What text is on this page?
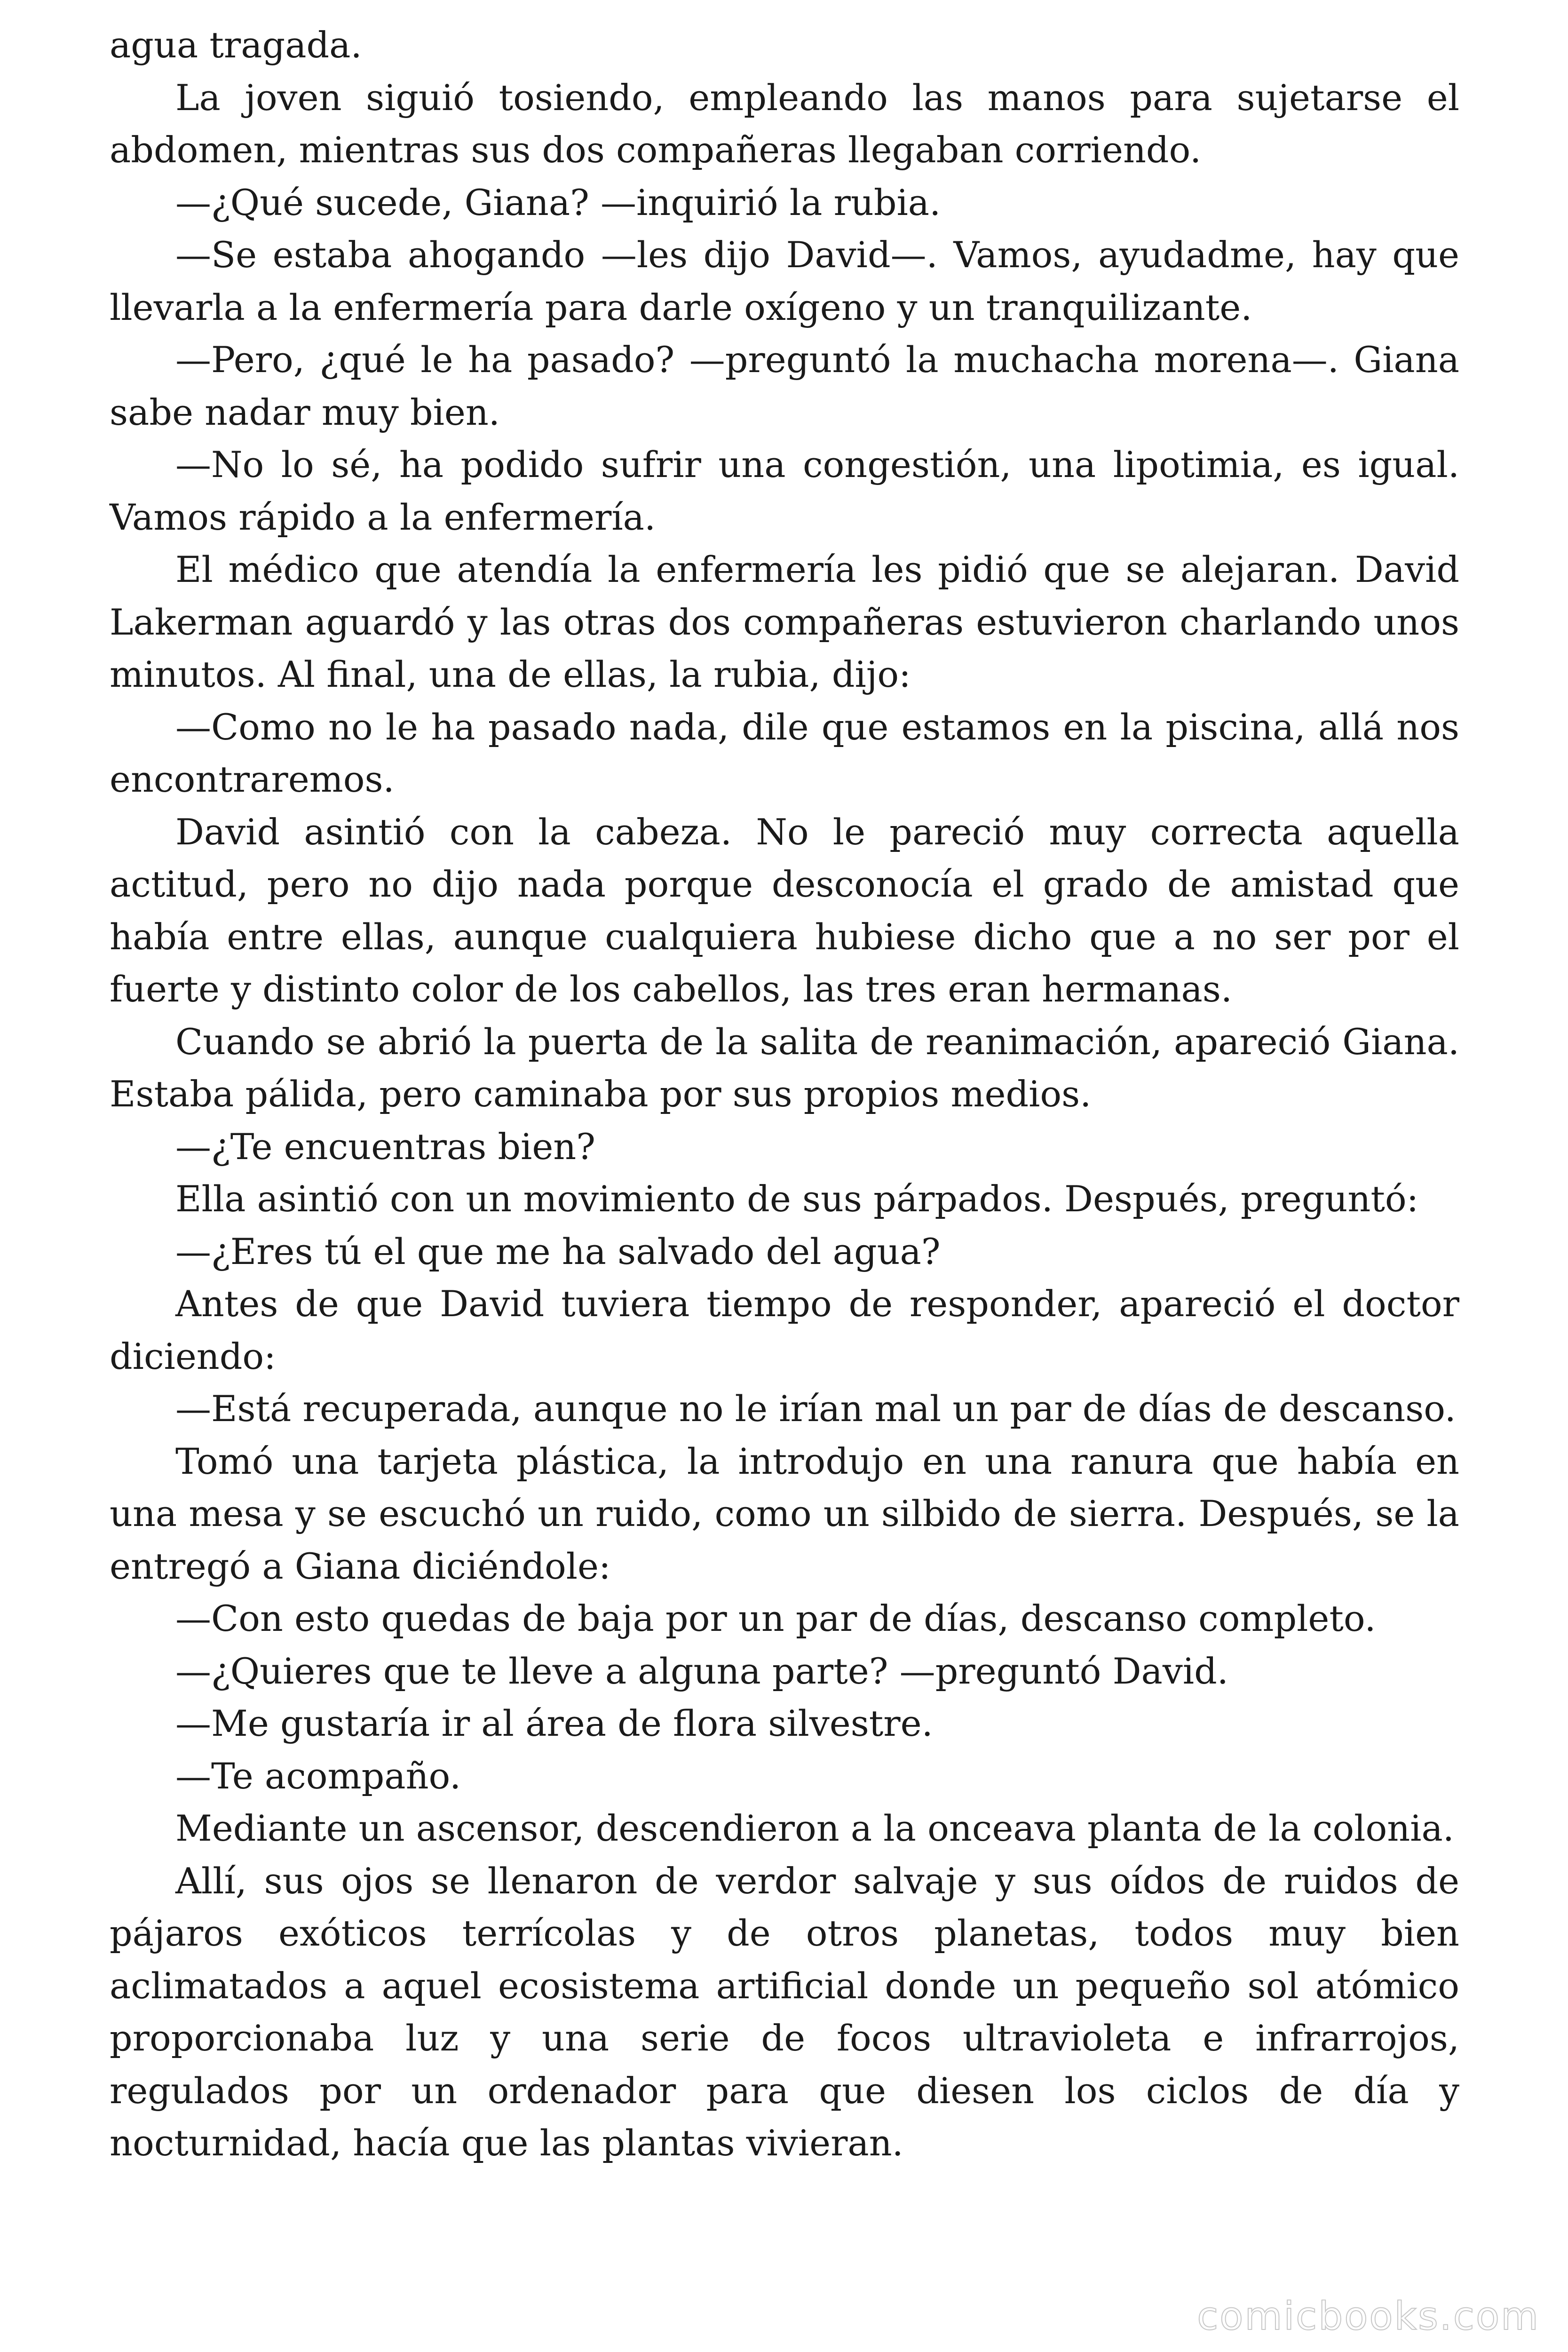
agua tragada.

La joven siguió tosiendo, empleando las manos para sujetarse el abdomen, mientras sus dos compañeras llegaban corriendo.

—¿Qué sucede, Giana? —inquirió la rubia.

—Se estaba ahogando —les dijo David—. Vamos, ayudadme, hay que llevarla a la enfermería para darle oxígeno y un tranquilizante.

—Pero, ¿qué le ha pasado? —preguntó la muchacha morena—. Giana sabe nadar muy bien.

—No lo sé, ha podido sufrir una congestión, una lipotimia, es igual. Vamos rápido a la enfermería.

El médico que atendía la enfermería les pidió que se alejaran. David Lakerman aguardó y las otras dos compañeras estuvieron charlando unos minutos. Al final, una de ellas, la rubia, dijo:

—Como no le ha pasado nada, dile que estamos en la piscina, allá nos encontraremos.

David asintió con la cabeza. No le pareció muy correcta aquella actitud, pero no dijo nada porque desconocía el grado de amistad que había entre ellas, aunque cualquiera hubiese dicho que a no ser por el fuerte y distinto color de los cabellos, las tres eran hermanas.

Cuando se abrió la puerta de la salita de reanimación, apareció Giana. Estaba pálida, pero caminaba por sus propios medios.

—¿Te encuentras bien?

Ella asintió con un movimiento de sus párpados. Después, preguntó:

—¿Eres tú el que me ha salvado del agua?

Antes de que David tuviera tiempo de responder, apareció el doctor diciendo:

—Está recuperada, aunque no le irían mal un par de días de descanso.

Tomó una tarjeta plástica, la introdujo en una ranura que había en una mesa y se escuchó un ruido, como un silbido de sierra. Después, se la entregó a Giana diciéndole:

—Con esto quedas de baja por un par de días, descanso completo.

—¿Quieres que te lleve a alguna parte? —preguntó David.

—Me gustaría ir al área de flora silvestre.

—Te acompaño.

Mediante un ascensor, descendieron a la onceava planta de la colonia.

Allí, sus ojos se llenaron de verdor salvaje y sus oídos de ruidos de pájaros exóticos terrícolas y de otros planetas, todos muy bien aclimatados a aquel ecosistema artificial donde un pequeño sol atómico proporcionaba luz y una serie de focos ultravioleta e infrarrojos, regulados por un ordenador para que diesen los ciclos de día y nocturnidad, hacía que las plantas vivieran.

comicbooks.com
